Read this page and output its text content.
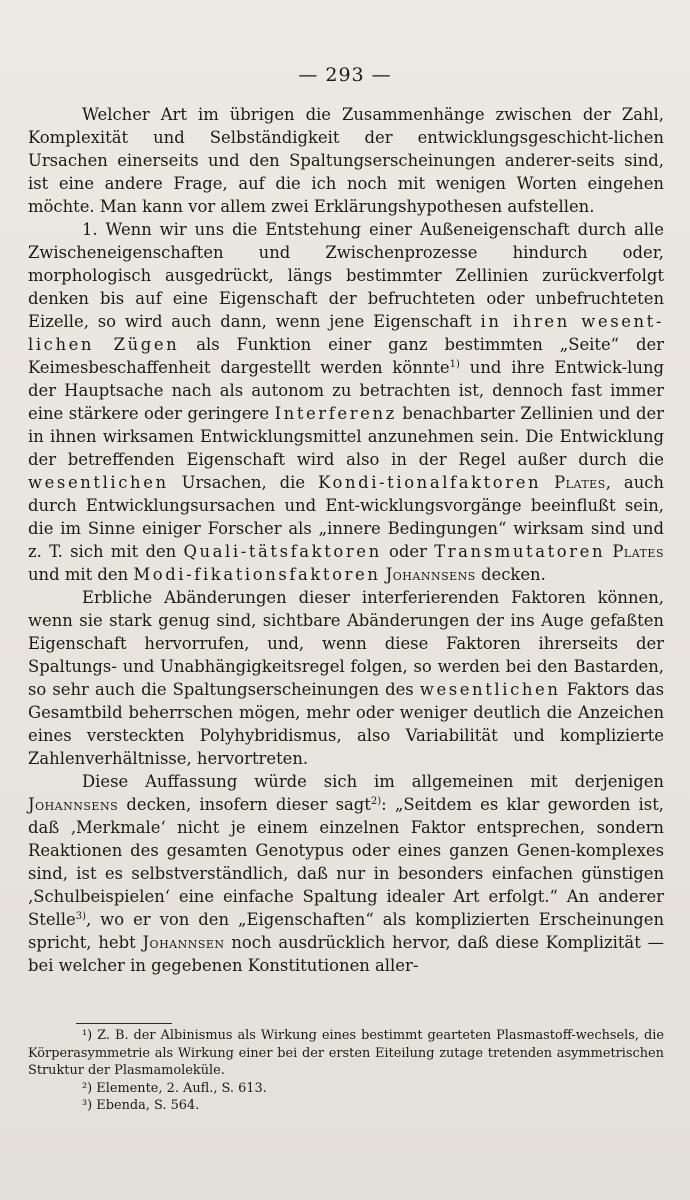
— 293 —

Welcher Art im übrigen die Zusammenhänge zwischen der Zahl, Komplexität und Selbständigkeit der entwicklungsgeschicht-lichen Ursachen einerseits und den Spaltungserscheinungen anderer-seits sind, ist eine andere Frage, auf die ich noch mit wenigen Worten eingehen möchte. Man kann vor allem zwei Erklärungshypothesen aufstellen.

1. Wenn wir uns die Entstehung einer Außeneigenschaft durch alle Zwischeneigenschaften und Zwischenprozesse hindurch oder, morphologisch ausgedrückt, längs bestimmter Zellinien zurückverfolgt denken bis auf eine Eigenschaft der befruchteten oder unbefruchteten Eizelle, so wird auch dann, wenn jene Eigenschaft in ihren wesent-lichen Zügen als Funktion einer ganz bestimmten „Seite“ der Keimesbeschaffenheit dargestellt werden könnte$^{1)}$ und ihre Entwick-lung der Hauptsache nach als autonom zu betrachten ist, dennoch fast immer eine stärkere oder geringere Interferenz benachbarter Zellinien und der in ihnen wirksamen Entwicklungsmittel anzunehmen sein. Die Entwicklung der betreffenden Eigenschaft wird also in der Regel außer durch die wesentlichen Ursachen, die Kondi-tionalfaktoren Plates, auch durch Entwicklungsursachen und Ent-wicklungsvorgänge beeinflußt sein, die im Sinne einiger Forscher als „innere Bedingungen“ wirksam sind und z. T. sich mit den Quali-tätsfaktoren oder Transmutatoren Plates und mit den Modi-fikationsfaktoren Johannsens decken.

Erbliche Abänderungen dieser interferierenden Faktoren können, wenn sie stark genug sind, sichtbare Abänderungen der ins Auge gefaßten Eigenschaft hervorrufen, und, wenn diese Faktoren ihrerseits der Spaltungs- und Unabhängigkeitsregel folgen, so werden bei den Bastarden, so sehr auch die Spaltungserscheinungen des wesentlichen Faktors das Gesamtbild beherrschen mögen, mehr oder weniger deutlich die Anzeichen eines versteckten Polyhybridismus, also Variabilität und komplizierte Zahlenverhältnisse, hervortreten.

Diese Auffassung würde sich im allgemeinen mit derjenigen Johannsens decken, insofern dieser sagt$^{2)}$: „Seitdem es klar geworden ist, daß ‚Merkmale‘ nicht je einem einzelnen Faktor entsprechen, sondern Reaktionen des gesamten Genotypus oder eines ganzen Genen-komplexes sind, ist es selbstverständlich, daß nur in besonders einfachen günstigen ‚Schulbeispielen‘ eine einfache Spaltung idealer Art erfolgt.“ An anderer Stelle$^{3)}$, wo er von den „Eigenschaften“ als komplizierten Erscheinungen spricht, hebt Johannsen noch ausdrücklich hervor, daß diese Komplizität — bei welcher in gegebenen Konstitutionen aller-

¹) Z. B. der Albinismus als Wirkung eines bestimmt gearteten Plasmastoff-wechsels, die Körperasymmetrie als Wirkung einer bei der ersten Eiteilung zutage tretenden asymmetrischen Struktur der Plasmamoleküle.

²) Elemente, 2. Aufl., S. 613.

³) Ebenda, S. 564.
